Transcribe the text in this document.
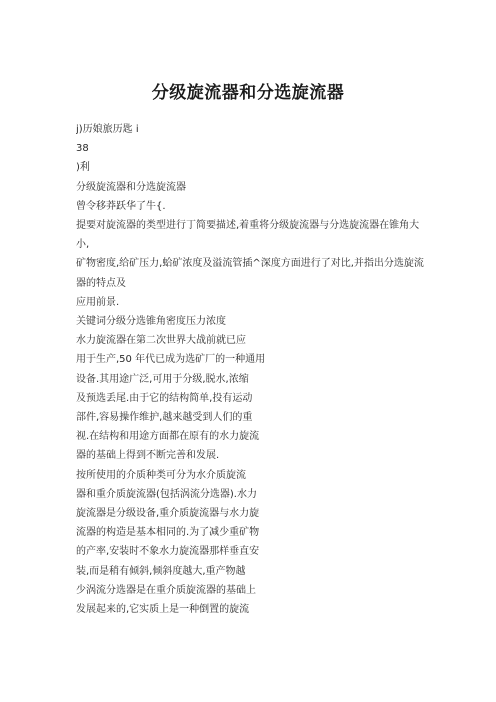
分级旋流器和分选旋流器
j)历娘旅历匙 i
38
)利
分级旋流器和分选旋流器
曾令移莽跃华了牛{.
提要对旋流器的类型进行丁简要描述,着重将分级旋流器与分选旋流器在锥角大小,
矿物密度,给矿压力,蛤矿浓度及溢流管插^深度方面进行了对比,并指出分选旋流器的特点及
应用前景.
关键词分级分选锥角密度压力浓度
水力旋流器在第二次世界大战前就已应
用于生产,50 年代已成为选矿厂的一种通用
设备.其用途广泛,可用于分级,脱水,浓缩
及预选丢尾.由于它的结构简单,投有运动
部件,容易操作维护,越来越受到人们的重
视.在结构和用途方面都在原有的水力旋流
器的基础上得到不断完善和发展.
按所使用的介质种类可分为水介质旋流
器和重介质旋流器(包括涡流分选器).水力
旋流器是分级设备,重介质旋流器与水力旋
流器的构造是基本相同的.为了减少重矿物
的产率,安装时不象水力旋流器那样垂直安
装,而是稍有倾斜,倾斜度越大,重产物越
少涡流分选器是在重介质旋流器的基础上
发展起来的,它实质上是一种倒置的旋流
